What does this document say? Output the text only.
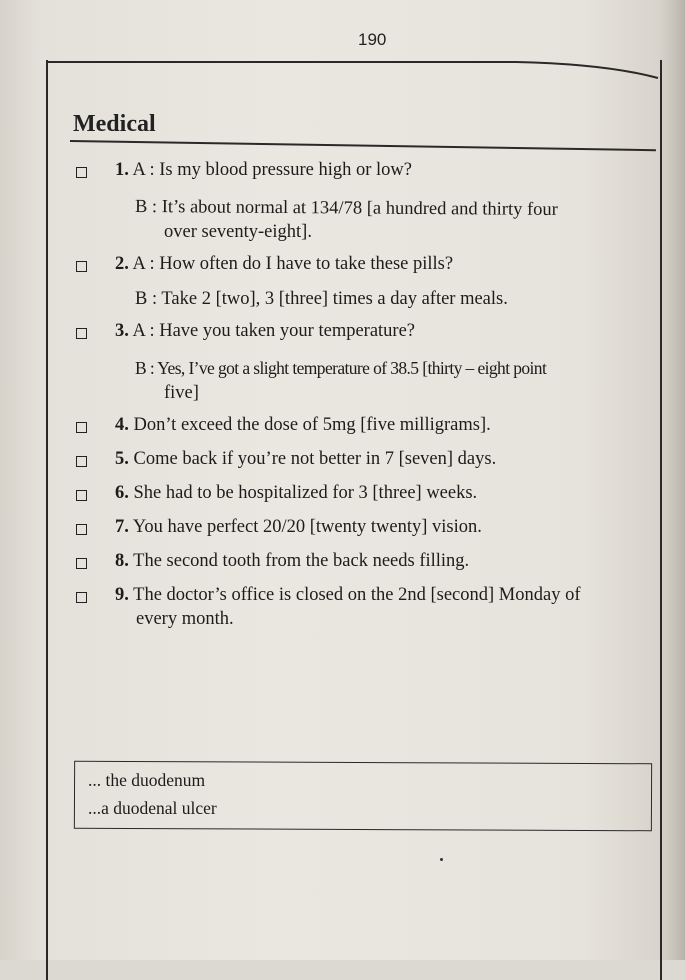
190
Medical
1. A : Is my blood pressure high or low?
B : It’s about normal at 134/78 [a hundred and thirty four
over seventy-eight].
2. A : How often do I have to take these pills?
B : Take 2 [two], 3 [three] times a day after meals.
3. A : Have you taken your temperature?
B : Yes, I’ve got a slight temperature of 38.5 [thirty – eight point
five]
4. Don’t exceed the dose of 5mg [five milligrams].
5. Come back if you’re not better in 7 [seven] days.
6. She had to be hospitalized for 3 [three] weeks.
7. You have perfect 20/20 [twenty twenty] vision.
8. The second tooth from the back needs filling.
9. The doctor’s office is closed on the 2nd [second] Monday of
every month.
... the duodenum
...a duodenal ulcer
